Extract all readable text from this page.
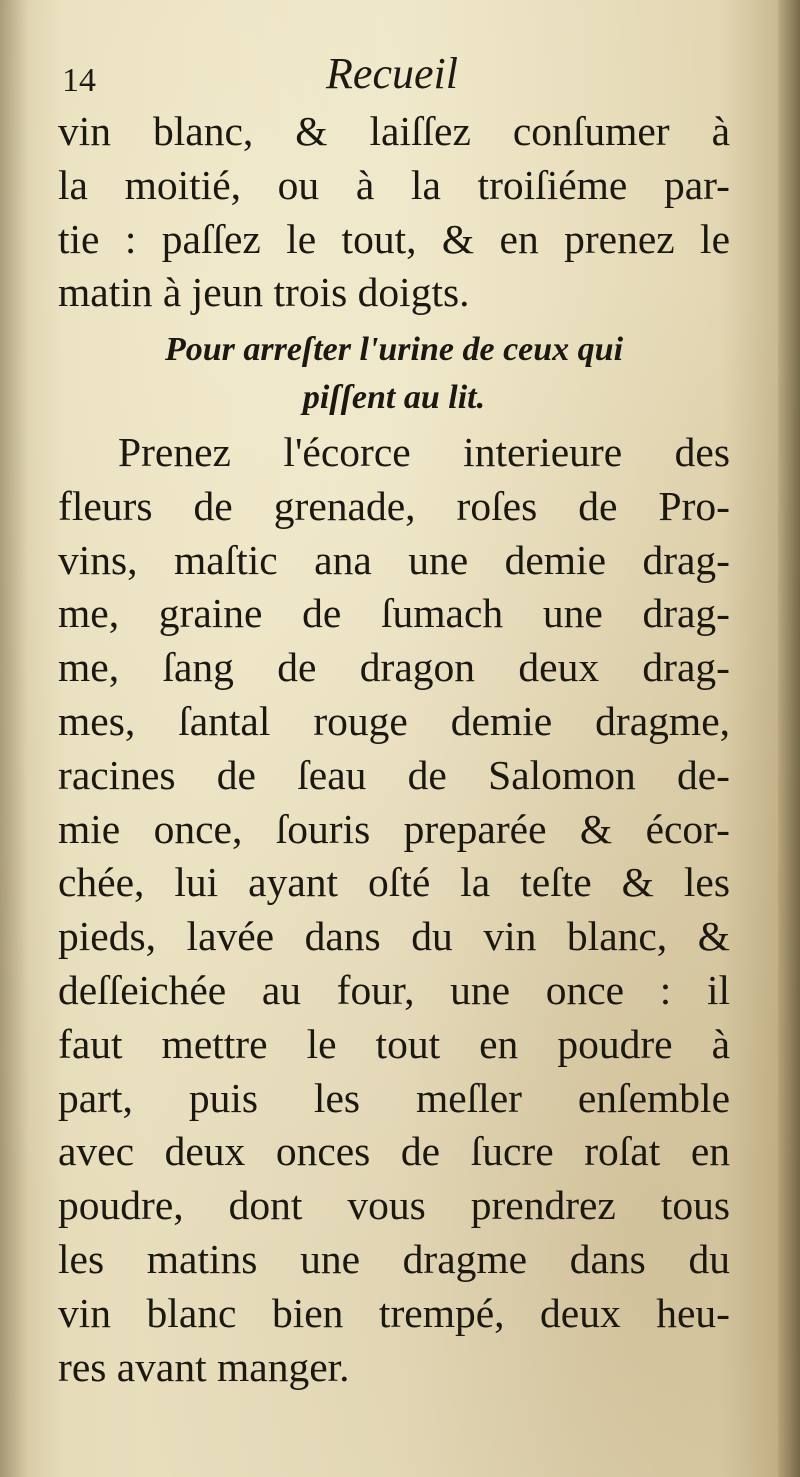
14	Recueil
vin blanc, & laiſſez conſumer à
la moitié, ou à la troiſiéme par-
tie : paſſez le tout, & en prenez le
matin à jeun trois doigts.
Pour arreſter l'urine de ceux qui
piſſent au lit.
Prenez l'écorce interieure des
fleurs de grenade, roſes de Pro-
vins, maſtic ana une demie drag-
me, graine de ſumach une drag-
me, ſang de dragon deux drag-
mes, ſantal rouge demie dragme,
racines de ſeau de Salomon de-
mie once, ſouris preparée & écor-
chée, lui ayant oſté la teſte & les
pieds, lavée dans du vin blanc, &
deſſeichée au four, une once : il
faut mettre le tout en poudre à
part, puis les meſler enſemble
avec deux onces de ſucre roſat en
poudre, dont vous prendrez tous
les matins une dragme dans du
vin blanc bien trempé, deux heu-
res avant manger.
